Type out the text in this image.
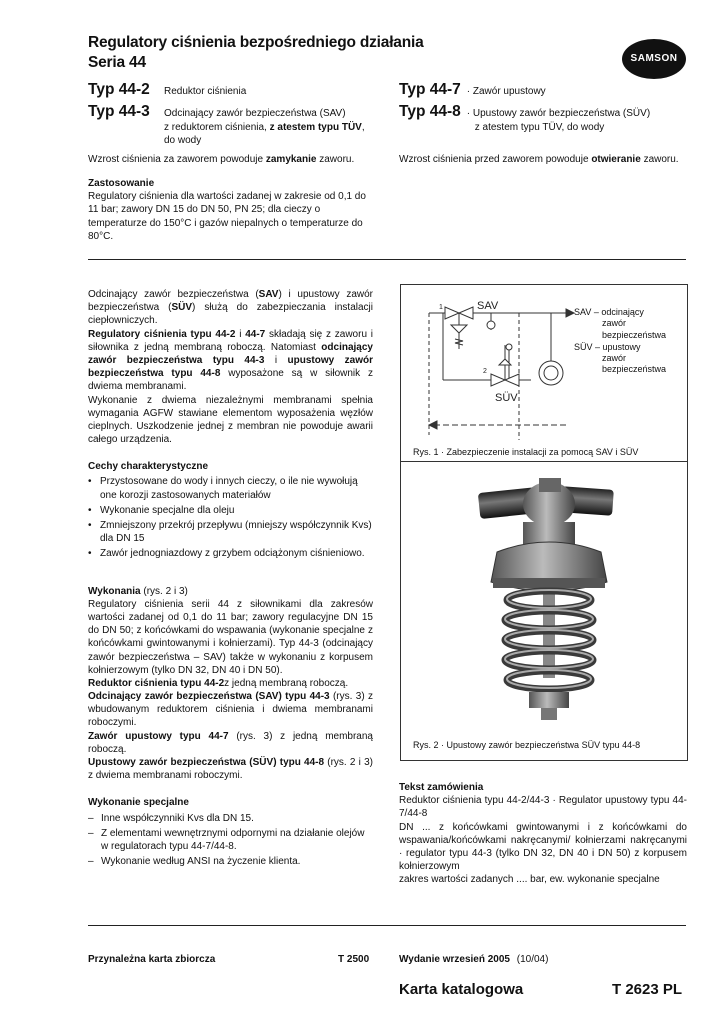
Regulatory ciśnienia bezpośredniego działania
Seria 44	SAMSON
Typ 44-2	Reduktor ciśnienia
Typ 44-3	Odcinający zawór bezpieczeństwa (SAV)
z reduktorem ciśnienia, z atestem typu TÜV,
do wody
Wzrost ciśnienia za zaworem powoduje zamykanie zaworu.
Typ 44-7 · Zawór upustowy
Typ 44-8 · Upustowy zawór bezpieczeństwa (SÜV)
z atestem typu TÜV, do wody
Wzrost ciśnienia przed zaworem powoduje otwieranie zaworu.
Zastosowanie

Regulatory ciśnienia dla wartości zadanej w zakresie od 0,1 do 11 bar; zawory DN 15 do DN 50, PN 25; dla cieczy o temperaturze do 150°C i gazów niepalnych o temperaturze do 80°C.

Odcinający zawór bezpieczeństwa (SAV) i upustowy zawór bezpieczeństwa (SÜV) służą do zabezpieczania instalacji ciepłowniczych.

Regulatory ciśnienia typu 44-2 i 44-7 składają się z zaworu i siłownika z jedną membraną roboczą. Natomiast odcinający zawór bezpieczeństwa typu 44-3 i upustowy zawór bezpieczeństwa typu 44-8 wyposażone są w siłownik z dwiema membranami.

Wykonanie z dwiema niezależnymi membranami spełnia wymagania AGFW stawiane elementom wyposażenia węzłów cieplnych. Uszkodzenie jednej z membran nie powoduje awarii całego urządzenia.

Cechy charakterystyczne
• Przystosowane do wody i innych cieczy, o ile nie wywołują one korozji zastosowanych materiałów
• Wykonanie specjalne dla oleju
• Zmniejszony przekrój przepływu (mniejszy współczynnik Kvs) dla DN 15
• Zawór jednogniazdowy z grzybem odciążonym ciśnieniowo.
Wykonania (rys. 2 i 3)

Regulatory ciśnienia serii 44 z siłownikami dla zakresów wartości zadanej od 0,1 do 11 bar; zawory regulacyjne DN 15 do DN 50; z końcówkami do wspawania (wykonanie specjalne z końcówkami gwintowanymi i kołnierzami). Typ 44-3 (odcinający zawór bezpieczeństwa – SAV) także w wykonaniu z korpusem kołnierzowym (tylko DN 32, DN 40 i DN 50).

Reduktor ciśnienia typu 44-2z jedną membraną roboczą.

Odcinający zawór bezpieczeństwa (SAV) typu 44-3 (rys. 3) z wbudowanym reduktorem ciśnienia i dwiema membranami roboczymi.

Zawór upustowy typu 44-7 (rys. 3) z jedną membraną roboczą.

Upustowy zawór bezpieczeństwa (SÜV) typu 44-8 (rys. 2 i 3) z dwiema membranami roboczymi.

Wykonanie specjalne
– Inne współczynniki Kvs dla DN 15.
– Z elementami wewnętrznymi odpornymi na działanie olejów w regulatorach typu 44-7/44-8.
– Wykonanie według ANSI na życzenie klienta.
SAV
SÜV
1
2
SAV – odcinający
zawór
bezpieczeństwa
SÜV – upustowy
zawór
bezpieczeństwa
Rys. 1 · Zabezpieczenie instalacji za pomocą SAV i SÜV
Rys. 2 · Upustowy zawór bezpieczeństwa SÜV typu 44-8
Tekst zamówienia

Reduktor ciśnienia typu 44-2/44-3 · Regulator upustowy typu 44-7/44-8

DN ... z końcówkami gwintowanymi i z końcówkami do wspawania/końcówkami nakręcanymi/ kołnierzami nakręcanymi · regulator typu 44-3 (tylko DN 32, DN 40 i DN 50) z korpusem kołnierzowym

zakres wartości zadanych .... bar, ew. wykonanie specjalne

Przynależna karta zbiorcza	T 2500	Wydanie wrzesień 2005 (10/04)
Karta katalogowa	T 2623 PL
